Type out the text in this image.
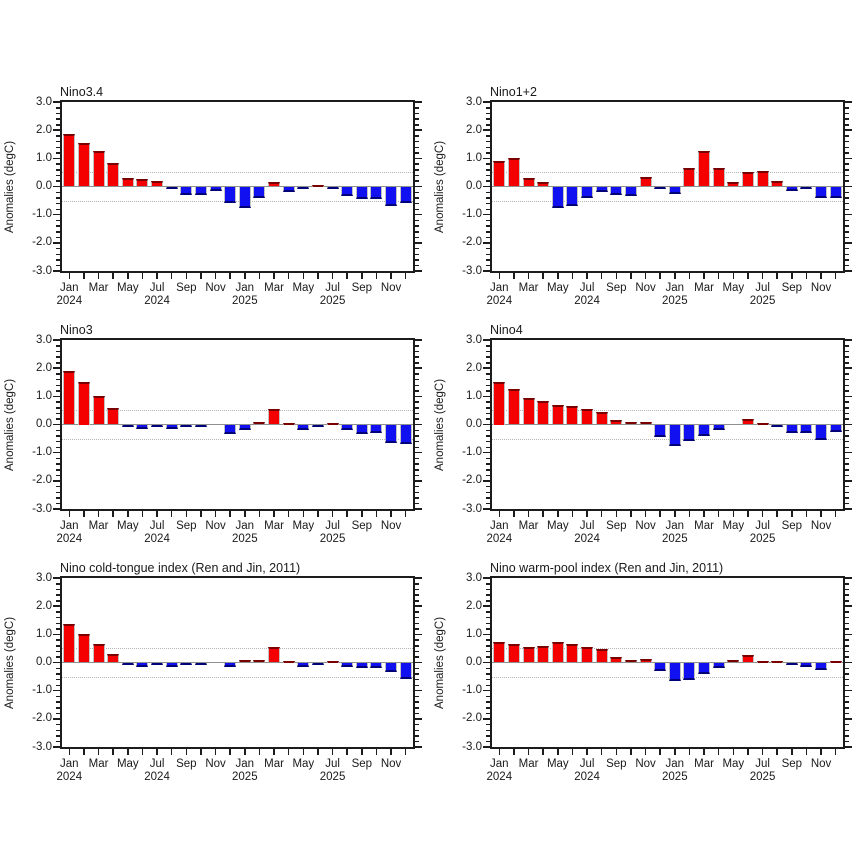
Nino3.4
Anomalies (degC)
3.0
2.0
1.0
0.0
-1.0
-2.0
-3.0
Jan Mar May Jul	Sep Nov Jan Mar May Jul	Sep Nov
2024	2024	2025	2025
Nino1+2
Anomalies (degC)
3.0
2.0
1.0
0.0
-1.0
-2.0
-3.0
Jan Mar May Jul	Sep Nov Jan Mar May Jul	Sep Nov
2024	2024	2025	2025
Nino3
Anomalies (degC)
3.0
2.0
1.0
0.0
-1.0
-2.0
-3.0
Jan Mar May Jul	Sep Nov Jan Mar May Jul	Sep Nov
2024	2024	2025	2025
Nino4
Anomalies (degC)
3.0
2.0
1.0
0.0
-1.0
-2.0
-3.0
Jan Mar May Jul	Sep Nov Jan Mar May Jul	Sep Nov
2024	2024	2025	2025
Nino cold-tongue index (Ren and Jin, 2011)
Anomalies (degC)
3.0
2.0
1.0
0.0
-1.0
-2.0
-3.0
Jan Mar May Jul	Sep Nov Jan Mar May Jul	Sep Nov
2024	2024	2025	2025
Nino warm-pool index (Ren and Jin, 2011)
Anomalies (degC)
3.0
2.0
1.0
0.0
-1.0
-2.0
-3.0
Jan Mar May Jul	Sep Nov Jan Mar May Jul	Sep Nov
2024	2024	2025	2025
